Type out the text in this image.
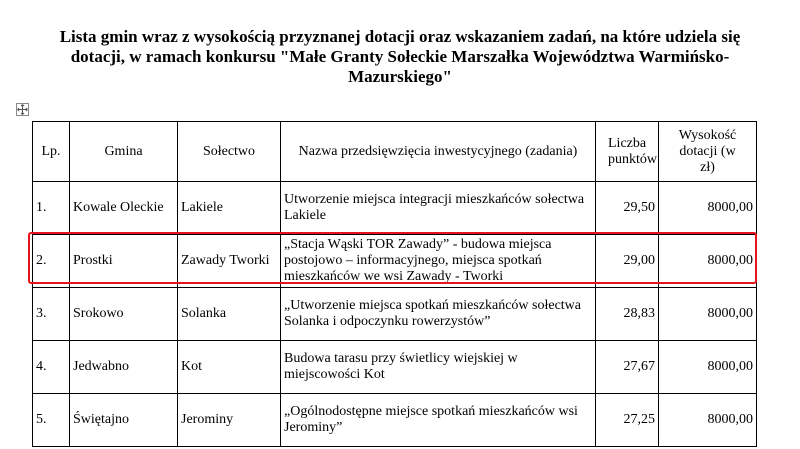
Lista gmin wraz z wysokością przyznanej dotacji oraz wskazaniem zadań, na które udziela się dotacji, w ramach konkursu "Małe Granty Sołeckie Marszałka Województwa Warmińsko-Mazurskiego"
Lp.	Gmina	Sołectwo	Nazwa przedsięwzięcia inwestycyjnego (zadania)	Liczba punktów	Wysokość dotacji (w zł)
1.	Kowale Oleckie	Lakiele	Utworzenie miejsca integracji mieszkańców sołectwa Lakiele	29,50	8000,00
2.	Prostki	Zawady Tworki	„Stacja Wąski TOR Zawady” - budowa miejsca postojowo – informacyjnego, miejsca spotkań mieszkańców we wsi Zawady - Tworki	29,00	8000,00
3.	Srokowo	Solanka	„Utworzenie miejsca spotkań mieszkańców sołectwa Solanka i odpoczynku rowerzystów”	28,83	8000,00
4.	Jedwabno	Kot	Budowa tarasu przy świetlicy wiejskiej w miejscowości Kot	27,67	8000,00
5.	Świętajno	Jerominy	„Ogólnodostępne miejsce spotkań mieszkańców wsi Jerominy”	27,25	8000,00
